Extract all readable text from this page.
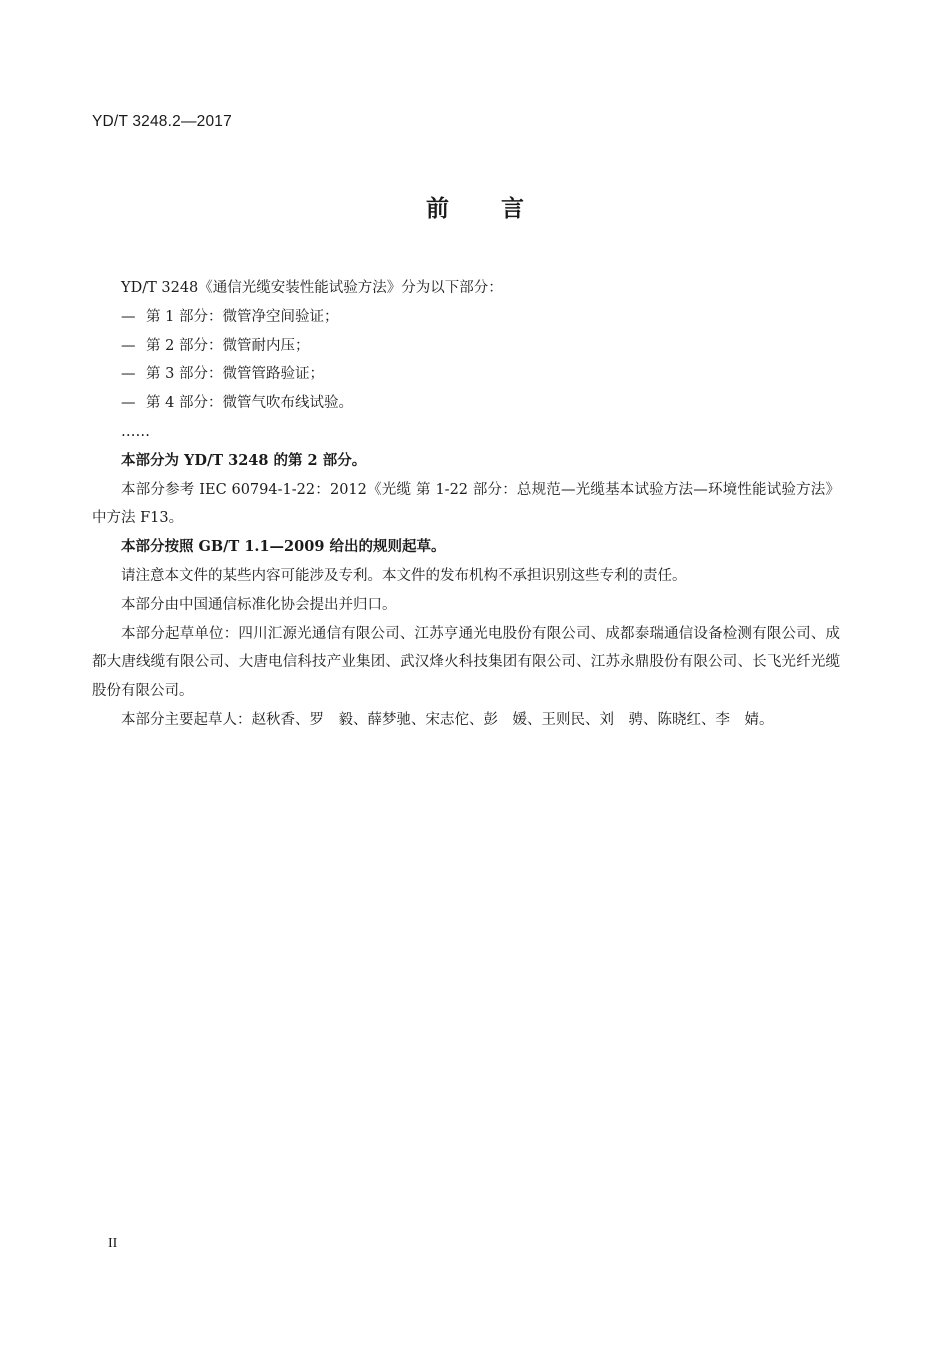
YD/T 3248.2—2017
前 言

YD/T 3248《通信光缆安装性能试验方法》分为以下部分：

— 第 1 部分：微管净空间验证；

— 第 2 部分：微管耐内压；

— 第 3 部分：微管管路验证；

— 第 4 部分：微管气吹布线试验。

……

本部分为 YD/T 3248 的第 2 部分。

本部分参考 IEC 60794-1-22：2012《光缆 第 1-22 部分：总规范—光缆基本试验方法—环境性能试验方法》中方法 F13。

本部分按照 GB/T 1.1—2009 给出的规则起草。

请注意本文件的某些内容可能涉及专利。本文件的发布机构不承担识别这些专利的责任。

本部分由中国通信标准化协会提出并归口。

本部分起草单位：四川汇源光通信有限公司、江苏亨通光电股份有限公司、成都泰瑞通信设备检测有限公司、成都大唐线缆有限公司、大唐电信科技产业集团、武汉烽火科技集团有限公司、江苏永鼎股份有限公司、长飞光纤光缆股份有限公司。

本部分主要起草人：赵秋香、罗　毅、薛梦驰、宋志佗、彭　媛、王则民、刘　骋、陈晓红、李　婧。

II
